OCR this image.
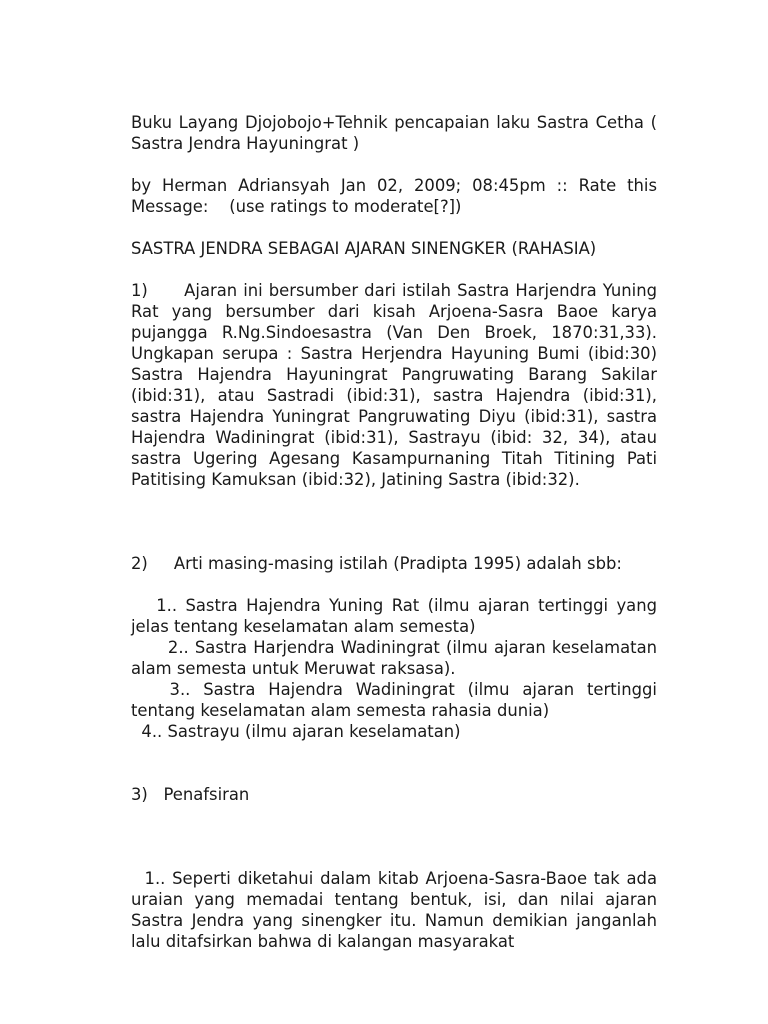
Buku Layang Djojobojo+Tehnik pencapaian laku Sastra Cetha ( Sastra Jendra Hayuningrat )

by Herman Adriansyah Jan 02, 2009; 08:45pm :: Rate this Message:    (use ratings to moderate[?])

SASTRA JENDRA SEBAGAI AJARAN SINENGKER (RAHASIA)

1)      Ajaran ini bersumber dari istilah Sastra Harjendra Yuning Rat yang bersumber dari kisah Arjoena-Sasra Baoe karya pujangga R.Ng.Sindoesastra (Van Den Broek, 1870:31,33). Ungkapan serupa : Sastra Herjendra Hayuning Bumi (ibid:30) Sastra Hajendra Hayuningrat Pangruwating Barang Sakilar (ibid:31), atau Sastradi (ibid:31), sastra Hajendra (ibid:31), sastra Hajendra Yuningrat Pangruwating Diyu (ibid:31), sastra Hajendra Wadiningrat (ibid:31), Sastrayu (ibid: 32, 34), atau sastra Ugering Agesang Kasampurnaning Titah Titining Pati Patitising Kamuksan (ibid:32), Jatining Sastra (ibid:32).

2)     Arti masing-masing istilah (Pradipta 1995) adalah sbb:

1.. Sastra Hajendra Yuning Rat (ilmu ajaran tertinggi yang jelas tentang keselamatan alam semesta)

2.. Sastra Harjendra Wadiningrat (ilmu ajaran keselamatan alam semesta untuk Meruwat raksasa).

3.. Sastra Hajendra Wadiningrat (ilmu ajaran tertinggi tentang keselamatan alam semesta rahasia dunia)

4.. Sastrayu (ilmu ajaran keselamatan)

3)   Penafsiran

1.. Seperti diketahui dalam kitab Arjoena-Sasra-Baoe tak ada uraian yang memadai tentang bentuk, isi, dan nilai ajaran Sastra Jendra yang sinengker itu. Namun demikian janganlah lalu ditafsirkan bahwa di kalangan masyarakat
